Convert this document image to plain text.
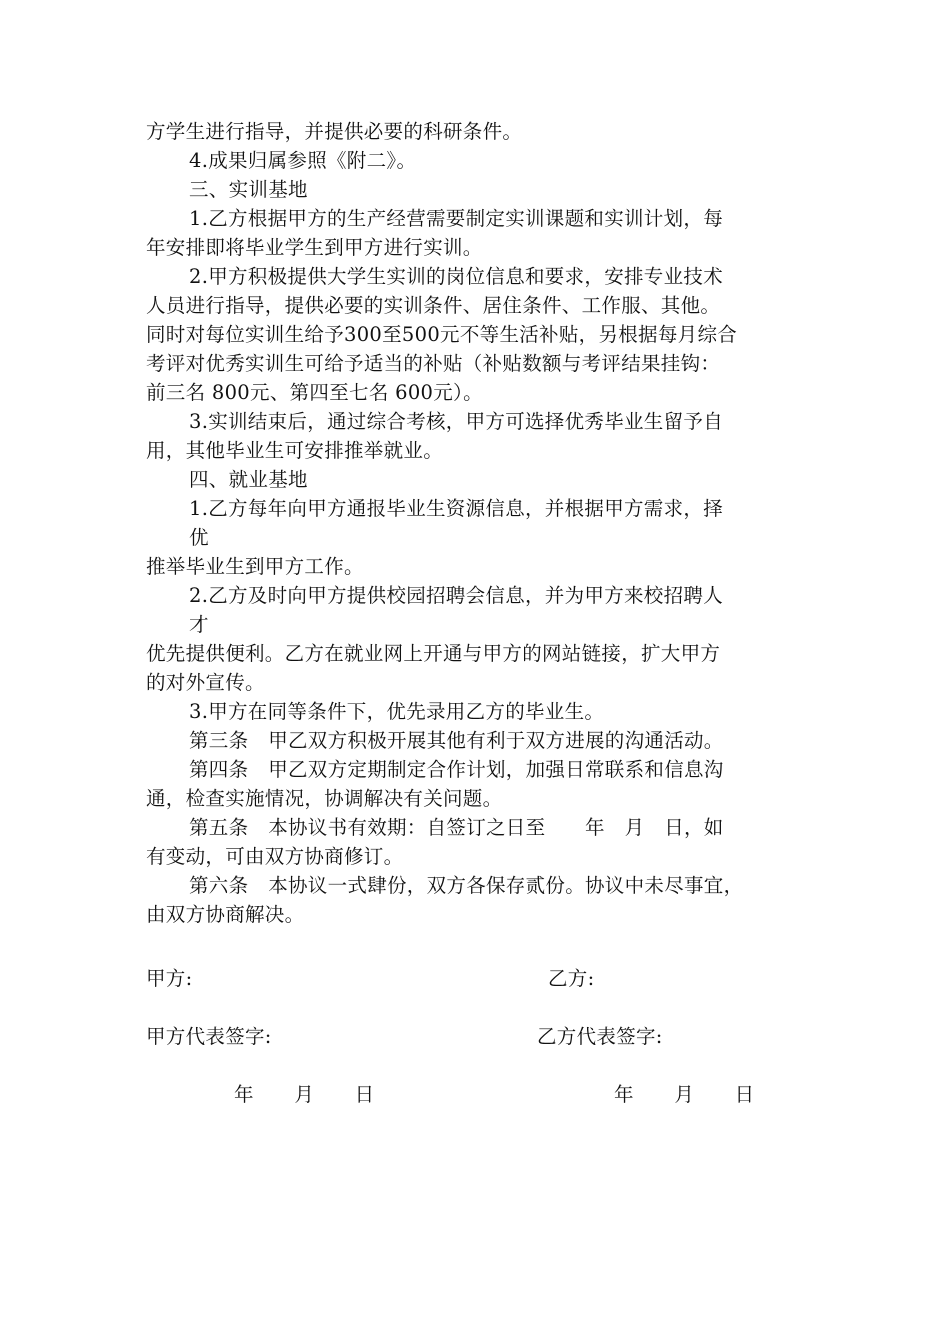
方学生进行指导，并提供必要的科研条件。
4.成果归属参照《附二》。
三、实训基地
1.乙方根据甲方的生产经营需要制定实训课题和实训计划，每
年安排即将毕业学生到甲方进行实训。
2.甲方积极提供大学生实训的岗位信息和要求，安排专业技术
人员进行指导，提供必要的实训条件、居住条件、工作服、其他。
同时对每位实训生给予300至500元不等生活补贴，另根据每月综合
考评对优秀实训生可给予适当的补贴（补贴数额与考评结果挂钩：
前三名 800元、第四至七名 600元）。
3.实训结束后，通过综合考核，甲方可选择优秀毕业生留予自
用，其他毕业生可安排推举就业。
四、就业基地
1.乙方每年向甲方通报毕业生资源信息，并根据甲方需求，择
优
推举毕业生到甲方工作。
2.乙方及时向甲方提供校园招聘会信息，并为甲方来校招聘人
才
优先提供便利。乙方在就业网上开通与甲方的网站链接，扩大甲方
的对外宣传。
3.甲方在同等条件下，优先录用乙方的毕业生。
第三条　甲乙双方积极开展其他有利于双方进展的沟通活动。
第四条　甲乙双方定期制定合作计划，加强日常联系和信息沟
通，检查实施情况，协调解决有关问题。
第五条　本协议书有效期：自签订之日至　　年　月　日，如
有变动，可由双方协商修订。
第六条　本协议一式肆份，双方各保存贰份。协议中未尽事宜，
由双方协商解决。
甲方:	乙方:
甲方代表签字:	乙方代表签字:
年 月 日	年 月 日
